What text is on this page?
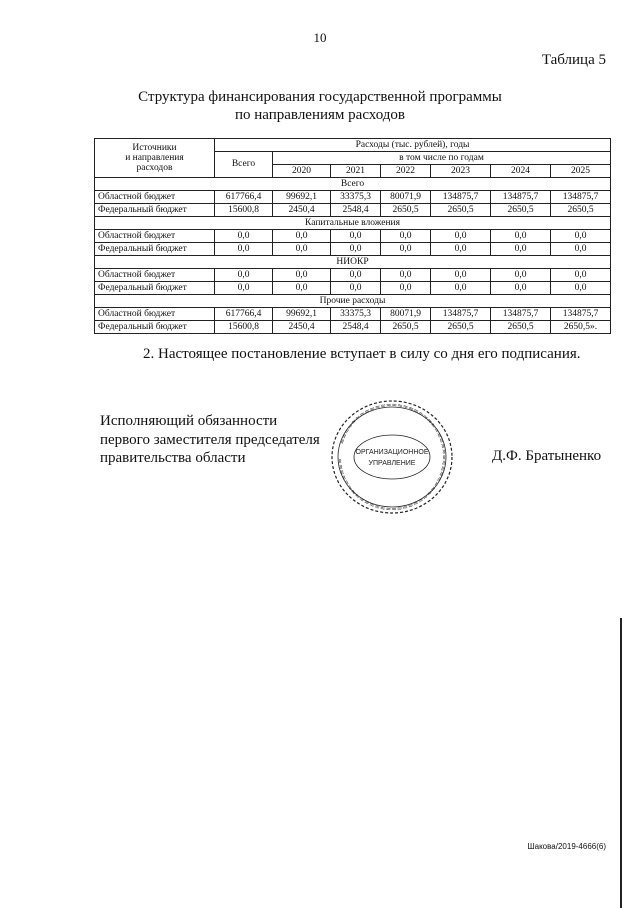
10
Таблица 5
Структура финансирования государственной программы
по направлениям расходов
Источники
и направления
расходов	Расходы (тыс. рублей), годы						
	Всего	в том числе по годам					
		2020	2021	2022	2023	2024	2025
Всего							
Областной бюджет	617766,4	99692,1	33375,3	80071,9	134875,7	134875,7	134875,7
Федеральный бюджет	15600,8	2450,4	2548,4	2650,5	2650,5	2650,5	2650,5
Капитальные вложения							
Областной бюджет	0,0	0,0	0,0	0,0	0,0	0,0	0,0
Федеральный бюджет	0,0	0,0	0,0	0,0	0,0	0,0	0,0
НИОКР							
Областной бюджет	0,0	0,0	0,0	0,0	0,0	0,0	0,0
Федеральный бюджет	0,0	0,0	0,0	0,0	0,0	0,0	0,0
Прочие расходы							
Областной бюджет	617766,4	99692,1	33375,3	80071,9	134875,7	134875,7	134875,7
Федеральный бюджет	15600,8	2450,4	2548,4	2650,5	2650,5	2650,5	2650,5».
2. Настоящее постановление вступает в силу со дня его подписания.
Исполняющий обязанности
первого заместителя председателя
правительства области
≈≈≈≈≈≈≈≈≈≈≈≈≈≈≈≈≈≈≈≈≈≈≈≈≈≈≈≈≈≈≈≈≈≈≈≈≈≈≈≈≈≈≈≈≈≈≈≈≈≈≈≈≈≈≈
ОРГАНИЗАЦИОННОЕ
УПРАВЛЕНИЕ	Д.Ф. Братыненко
Шакова/2019-4666(6)
